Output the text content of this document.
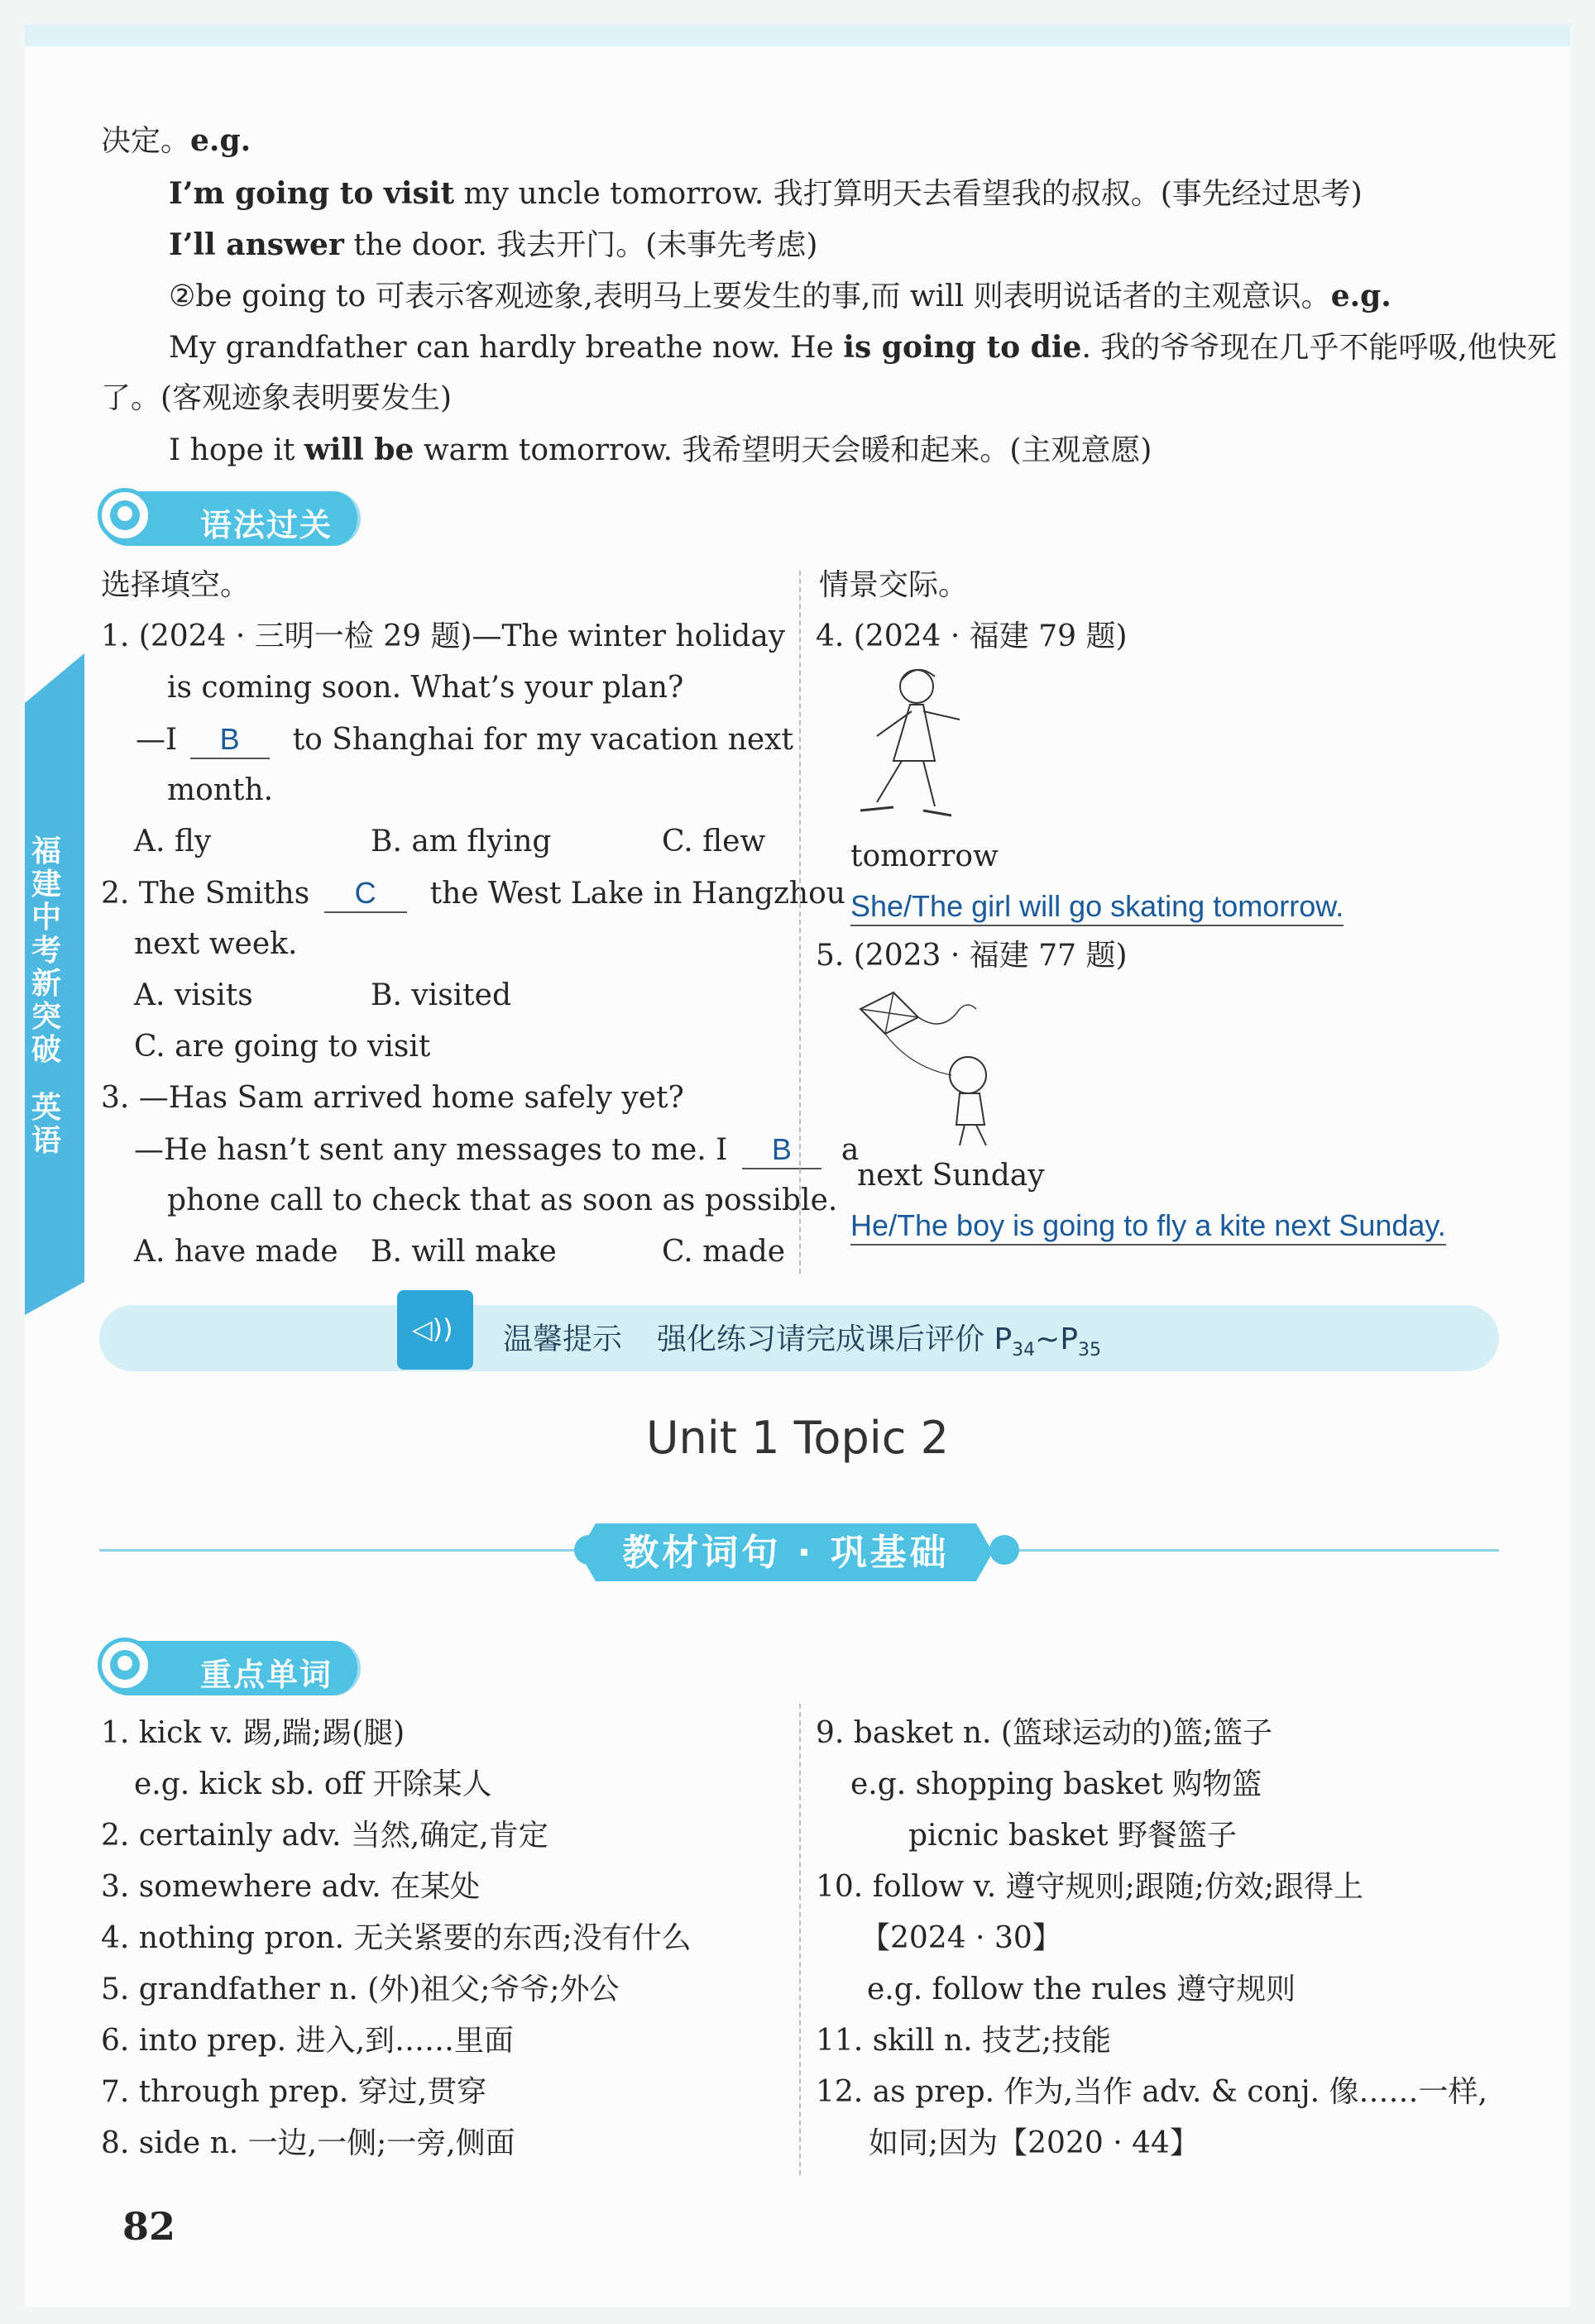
决定。e.g.
I’m going to visit my uncle tomorrow. 我打算明天去看望我的叔叔。(事先经过思考)
I’ll answer the door. 我去开门。(未事先考虑)
②be going to 可表示客观迹象,表明马上要发生的事,而 will 则表明说话者的主观意识。e.g.
My grandfather can hardly breathe now. He is going to die. 我的爷爷现在几乎不能呼吸,他快死
了。(客观迹象表明要发生)
I hope it will be warm tomorrow. 我希望明天会暖和起来。(主观意愿)
语法过关
福建中考新突破
英语
选择填空。
1. (2024 · 三明一检 29 题)—The winter holiday
is coming soon. What’s your plan?
—I B to Shanghai for my vacation next
month.
A. fly	B. am flying	C. flew
2. The Smiths C the West Lake in Hangzhou
next week.
A. visits	B. visited
C. are going to visit
3. —Has Sam arrived home safely yet?
—He hasn’t sent any messages to me. I B a
phone call to check that as soon as possible.
A. have made B. will make	C. made
情景交际。
4. (2024 · 福建 79 题)
tomorrow
She/The girl will go skating tomorrow.
5. (2023 · 福建 77 题)
next Sunday
He/The boy is going to fly a kite next Sunday.
◁))
温馨提示 强化练习请完成课后评价 $P_{34}\sim P_{35}$
Unit 1 Topic 2
教材词句 · 巩基础
重点单词
1. kick v. 踢,踹;踢(腿)
e.g. kick sb. off 开除某人
2. certainly adv. 当然,确定,肯定
3. somewhere adv. 在某处
4. nothing pron. 无关紧要的东西;没有什么
5. grandfather n. (外)祖父;爷爷;外公
6. into prep. 进入,到……里面
7. through prep. 穿过,贯穿
8. side n. 一边,一侧;一旁,侧面
9. basket n. (篮球运动的)篮;篮子
e.g. shopping basket 购物篮
picnic basket 野餐篮子
10. follow v. 遵守规则;跟随;仿效;跟得上
【2024 · 30】
e.g. follow the rules 遵守规则
11. skill n. 技艺;技能
12. as prep. 作为,当作 adv. & conj. 像……一样,
如同;因为【2020 · 44】
82
